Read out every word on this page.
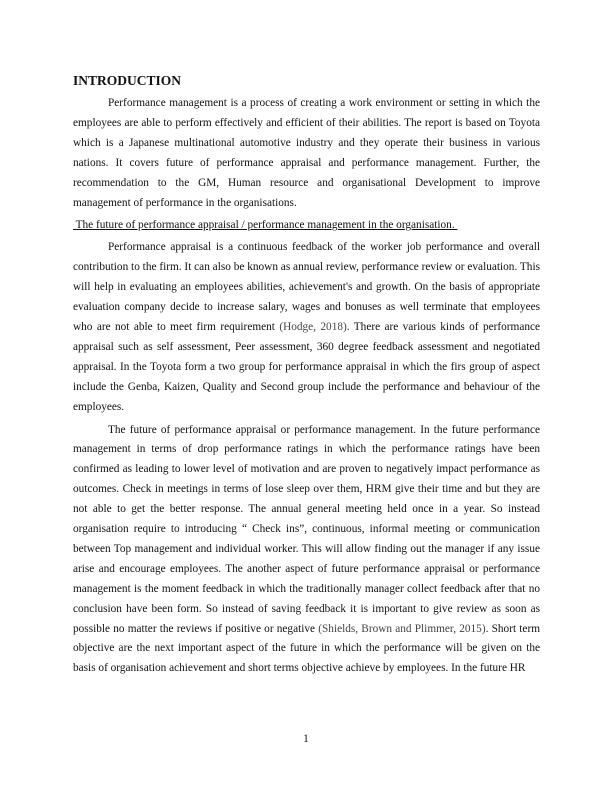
INTRODUCTION

Performance management is a process of creating a work environment or setting in which the employees are able to perform effectively and efficient of their abilities. The report is based on Toyota which is a Japanese multinational automotive industry and they operate their business in various nations. It covers future of performance appraisal and performance management. Further, the recommendation to the GM, Human resource and organisational Development to improve management of performance in the organisations.

The future of performance appraisal / performance management in the organisation.

Performance appraisal is a continuous feedback of the worker job performance and overall contribution to the firm. It can also be known as annual review, performance review or evaluation. This will help in evaluating an employees abilities, achievement's and growth. On the basis of appropriate evaluation company decide to increase salary, wages and bonuses as well terminate that employees who are not able to meet firm requirement (Hodge, 2018). There are various kinds of performance appraisal such as self assessment, Peer assessment, 360 degree feedback assessment and negotiated appraisal. In the Toyota form a two group for performance appraisal in which the firs group of aspect include the Genba, Kaizen, Quality and Second group include the performance and behaviour of the employees.

The future of performance appraisal or performance management. In the future performance management in terms of drop performance ratings in which the performance ratings have been confirmed as leading to lower level of motivation and are proven to negatively impact performance as outcomes. Check in meetings in terms of lose sleep over them, HRM give their time and but they are not able to get the better response. The annual general meeting held once in a year. So instead organisation require to introducing “ Check ins”, continuous, informal meeting or communication between Top management and individual worker. This will allow finding out the manager if any issue arise and encourage employees. The another aspect of future performance appraisal or performance management is the moment feedback in which the traditionally manager collect feedback after that no conclusion have been form. So instead of saving feedback it is important to give review as soon as possible no matter the reviews if positive or negative (Shields, Brown and Plimmer, 2015). Short term objective are the next important aspect of the future in which the performance will be given on the basis of organisation achievement and short terms objective achieve by employees. In the future HR

1
